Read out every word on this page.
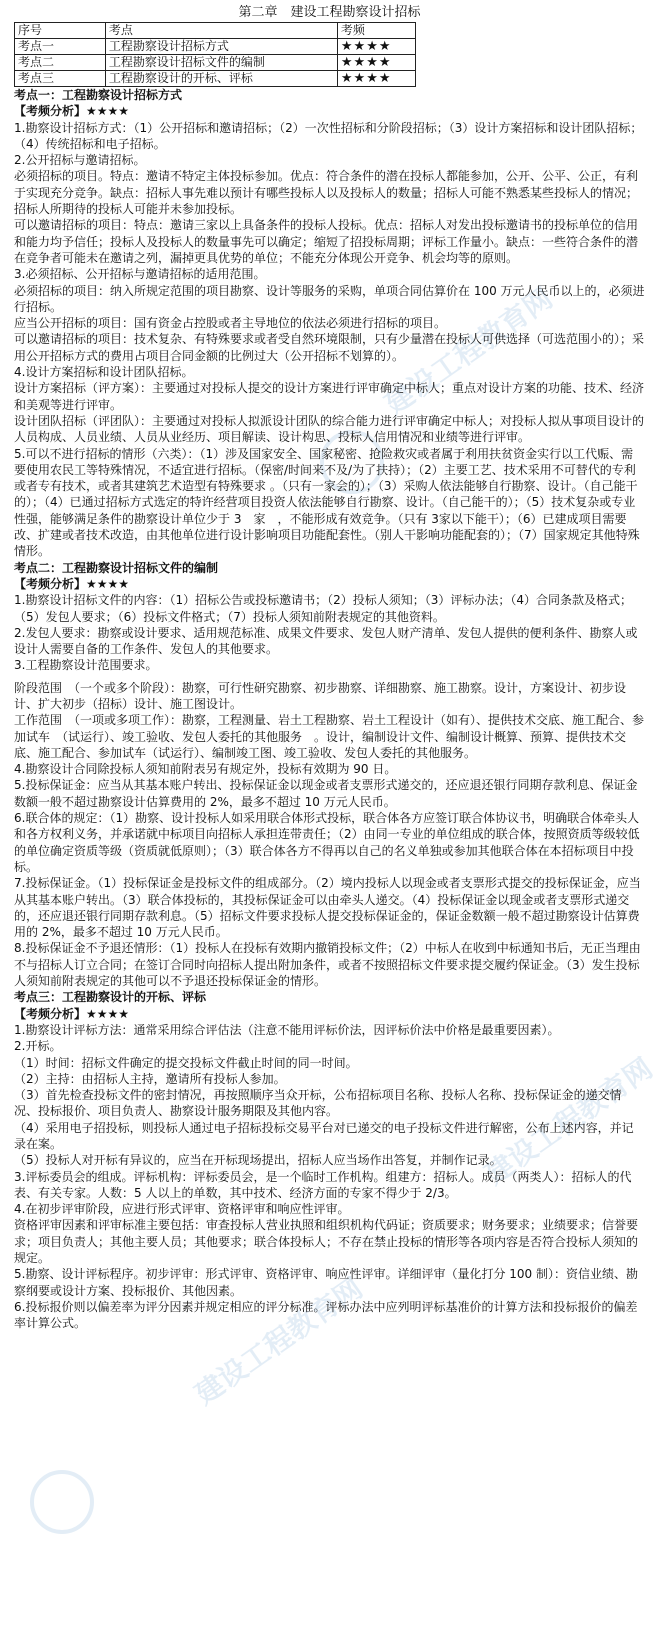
建设工程教育网
建设工程教育网
建设工程教育网
第二章　建设工程勘察设计招标
序号	考点	考频
考点一	工程勘察设计招标方式	★★★★
考点二	工程勘察设计招标文件的编制	★★★★
考点三	工程勘察设计的开标、评标	★★★★

考点一：工程勘察设计招标方式

【考频分析】★★★★

1.勘察设计招标方式：（1）公开招标和邀请招标；（2）一次性招标和分阶段招标；（3）设计方案招标和设计团队招标；（4）传统招标和电子招标。

2.公开招标与邀请招标。

必须招标的项目。特点：邀请不特定主体投标参加。优点：符合条件的潜在投标人都能参加，公开、公平、公正，有利于实现充分竞争。缺点：招标人事先难以预计有哪些投标人以及投标人的数量；招标人可能不熟悉某些投标人的情况；招标人所期待的投标人可能并未参加投标。

可以邀请招标的项目：特点：邀请三家以上具备条件的投标人投标。优点：招标人对发出投标邀请书的投标单位的信用和能力均予信任；投标人及投标人的数量事先可以确定；缩短了招投标周期；评标工作量小。缺点：一些符合条件的潜在竞争者可能未在邀请之列，漏掉更具优势的单位；不能充分体现公开竞争、机会均等的原则。

3.必须招标、公开招标与邀请招标的适用范围。

必须招标的项目：纳入所规定范围的项目勘察、设计等服务的采购，单项合同估算价在 100 万元人民币以上的，必须进行招标。

应当公开招标的项目：国有资金占控股或者主导地位的依法必须进行招标的项目。

可以邀请招标的项目：技术复杂、有特殊要求或者受自然环境限制，只有少量潜在投标人可供选择（可选范围小的）；采用公开招标方式的费用占项目合同金额的比例过大（公开招标不划算的）。

4.设计方案招标和设计团队招标。

设计方案招标（评方案）：主要通过对投标人提交的设计方案进行评审确定中标人；重点对设计方案的功能、技术、经济和美观等进行评审。

设计团队招标（评团队）：主要通过对投标人拟派设计团队的综合能力进行评审确定中标人；对投标人拟从事项目设计的人员构成、人员业绩、人员从业经历、项目解读、设计构思、投标人信用情况和业绩等进行评审。

5.可以不进行招标的情形（六类）：（1）涉及国家安全、国家秘密、抢险救灾或者属于利用扶贫资金实行以工代赈、需要使用农民工等特殊情况，不适宜进行招标。（保密/时间来不及/为了扶持）；（2）主要工艺、技术采用不可替代的专利或者专有技术，或者其建筑艺术造型有特殊要求 。（只有一家会的）；（3）采购人依法能够自行勘察、设计。（自己能干的）；（4）已通过招标方式选定的特许经营项目投资人依法能够自行勘察、设计。（自己能干的）；（5）技术复杂或专业性强，能够满足条件的勘察设计单位少于 3　家　，不能形成有效竞争。（只有 3家以下能干）；（6）已建成项目需要改、扩建或者技术改造，由其他单位进行设计影响项目功能配套性。（别人干影响功能配套的）；（7）国家规定其他特殊情形。

考点二：工程勘察设计招标文件的编制

【考频分析】★★★★

1.勘察设计招标文件的内容：（1）招标公告或投标邀请书；（2）投标人须知；（3）评标办法；（4）合同条款及格式；（5）发包人要求；（6）投标文件格式；（7）投标人须知前附表规定的其他资料。

2.发包人要求：勘察或设计要求、适用规范标准、成果文件要求、发包人财产清单、发包人提供的便利条件、勘察人或设计人需要自备的工作条件、发包人的其他要求。

3.工程勘察设计范围要求。

阶段范围　（一个或多个阶段）：勘察，可行性研究勘察、初步勘察、详细勘察、施工勘察。设计，方案设计、初步设计、扩大初步（招标）设计、施工图设计。

工作范围　（一项或多项工作）：勘察，工程测量、岩土工程勘察、岩土工程设计（如有）、提供技术交底、施工配合、参加试车　（试运行）、竣工验收、发包人委托的其他服务　。设计，编制设计文件、编制设计概算、预算、提供技术交底、施工配合、参加试车（试运行）、编制竣工图、竣工验收、发包人委托的其他服务。

4.勘察设计合同除投标人须知前附表另有规定外，投标有效期为 90 日。

5.投标保证金：应当从其基本账户转出、投标保证金以现金或者支票形式递交的，还应退还银行同期存款利息、保证金数额一般不超过勘察设计估算费用的 2%，最多不超过 10 万元人民币。

6.联合体的规定：（1）勘察、设计投标人如采用联合体形式投标，联合体各方应签订联合体协议书，明确联合体牵头人和各方权利义务，并承诺就中标项目向招标人承担连带责任；（2）由同一专业的单位组成的联合体，按照资质等级较低的单位确定资质等级（资质就低原则）；（3）联合体各方不得再以自己的名义单独或参加其他联合体在本招标项目中投标。

7.投标保证金。（1）投标保证金是投标文件的组成部分。（2）境内投标人以现金或者支票形式提交的投标保证金，应当从其基本账户转出。（3）联合体投标的，其投标保证金可以由牵头人递交。（4）投标保证金以现金或者支票形式递交的，还应退还银行同期存款利息。（5）招标文件要求投标人提交投标保证金的，保证金数额一般不超过勘察设计估算费用的 2%，最多不超过 10 万元人民币。

8.投标保证金不予退还情形：（1）投标人在投标有效期内撤销投标文件；（2）中标人在收到中标通知书后，无正当理由不与招标人订立合同；在签订合同时向招标人提出附加条件，或者不按照招标文件要求提交履约保证金。（3）发生投标人须知前附表规定的其他可以不予退还投标保证金的情形。

考点三：工程勘察设计的开标、评标

【考频分析】★★★★

1.勘察设计评标方法：通常采用综合评估法（注意不能用评标价法，因评标价法中价格是最重要因素）。

2.开标。

（1）时间：招标文件确定的提交投标文件截止时间的同一时间。

（2）主持：由招标人主持，邀请所有投标人参加。

（3）首先检查投标文件的密封情况，再按照顺序当众开标，公布招标项目名称、投标人名称、投标保证金的递交情况、投标报价、项目负责人、勘察设计服务期限及其他内容。

（4）采用电子招投标，则投标人通过电子招标投标交易平台对已递交的电子投标文件进行解密，公布上述内容，并记录在案。

（5）投标人对开标有异议的，应当在开标现场提出，招标人应当场作出答复，并制作记录。

3.评标委员会的组成。评标机构：评标委员会，是一个临时工作机构。组建方：招标人。成员（两类人）：招标人的代表、有关专家。人数：5 人以上的单数，其中技术、经济方面的专家不得少于 2/3。

4.在初步评审阶段，应进行形式评审、资格评审和响应性评审。

资格评审因素和评审标准主要包括：审查投标人营业执照和组织机构代码证；资质要求；财务要求；业绩要求；信誉要求；项目负责人；其他主要人员；其他要求；联合体投标人；不存在禁止投标的情形等各项内容是否符合投标人须知的规定。

5.勘察、设计评标程序。初步评审：形式评审、资格评审、响应性评审。详细评审（量化打分 100 制）：资信业绩、勘察纲要或设计方案、投标报价、其他因素。

6.投标报价则以偏差率为评分因素并规定相应的评分标准。评标办法中应列明评标基准价的计算方法和投标报价的偏差率计算公式。
